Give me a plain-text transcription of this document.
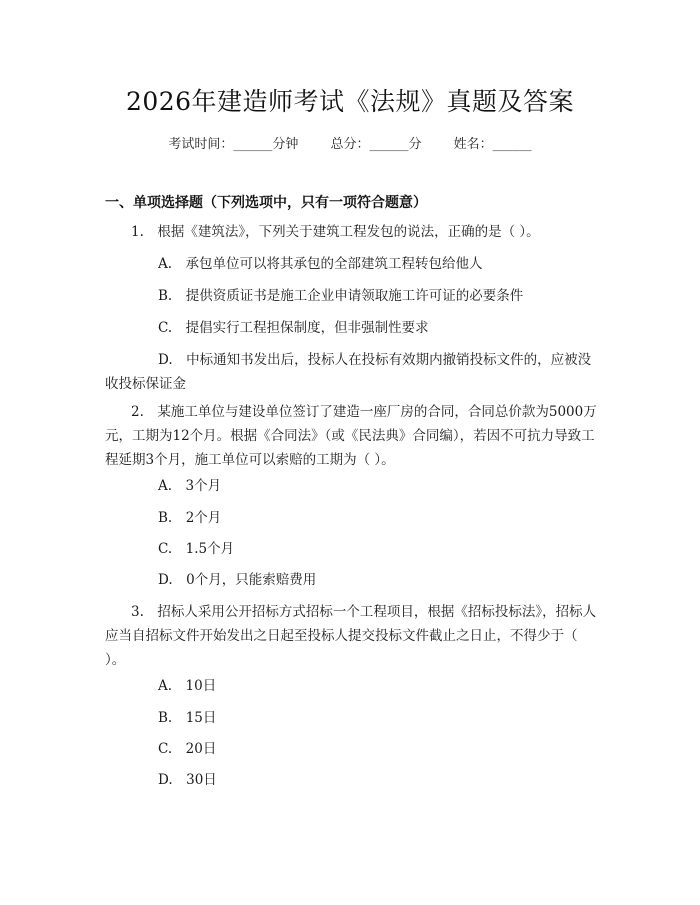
2026年建造师考试《法规》真题及答案
考试时间：______分钟 总分：______分 姓名：______
一、单项选择题（下列选项中，只有一项符合题意）
1.　根据《建筑法》，下列关于建筑工程发包的说法，正确的是（ ）。
A.　承包单位可以将其承包的全部建筑工程转包给他人
B.　提供资质证书是施工企业申请领取施工许可证的必要条件
C.　提倡实行工程担保制度，但非强制性要求
D.　中标通知书发出后，投标人在投标有效期内撤销投标文件的，应被没收投标保证金
2.　某施工单位与建设单位签订了建造一座厂房的合同，合同总价款为5000万元，工期为12个月。根据《合同法》（或《民法典》合同编），若因不可抗力导致工程延期3个月，施工单位可以索赔的工期为（ ）。
A.　3个月
B.　2个月
C.　1.5个月
D.　0个月，只能索赔费用
3.　招标人采用公开招标方式招标一个工程项目，根据《招标投标法》，招标人应当自招标文件开始发出之日起至投标人提交投标文件截止之日止，不得少于（ ）。
A.　10日
B.　15日
C.　20日
D.　30日
